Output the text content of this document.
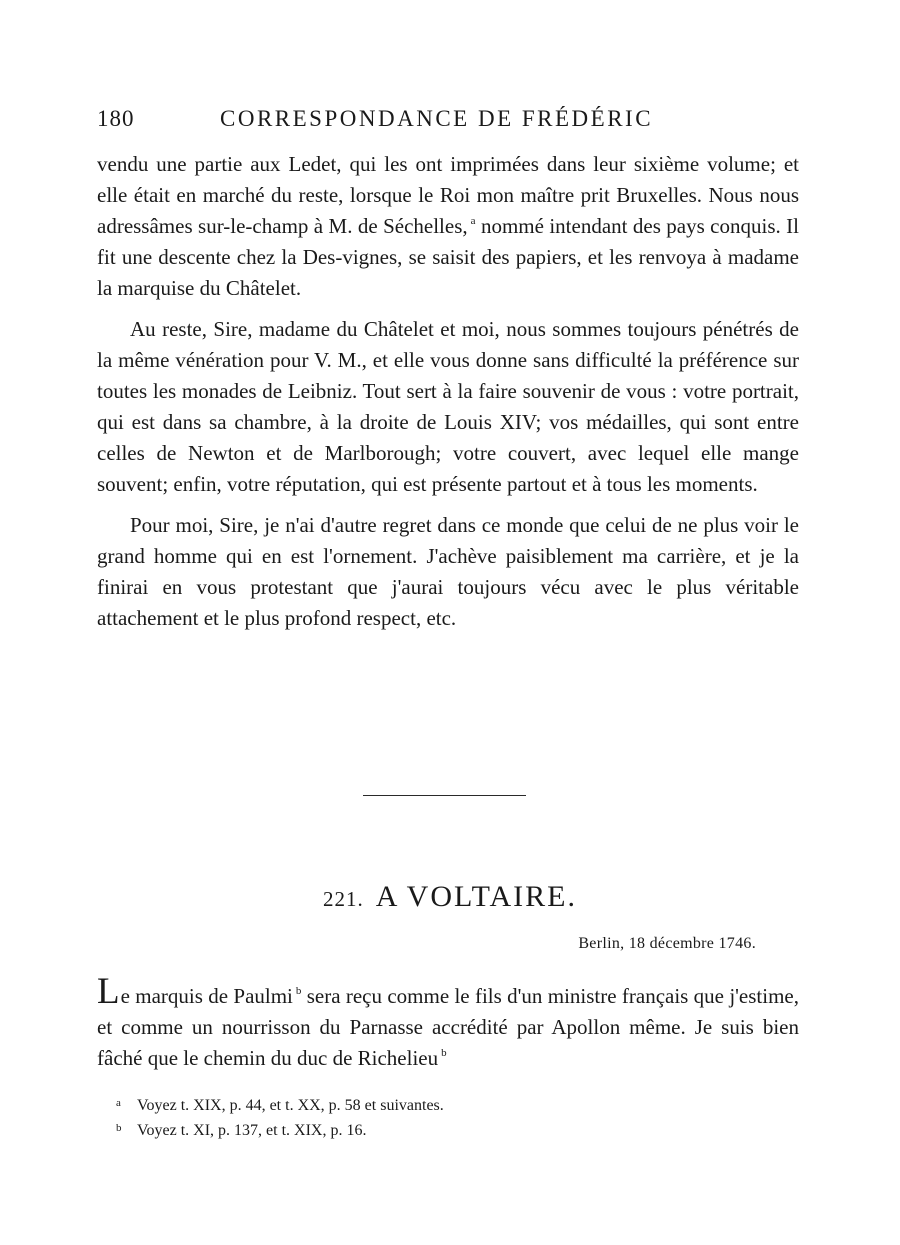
180	CORRESPONDANCE DE FRÉDÉRIC

vendu une partie aux Ledet, qui les ont imprimées dans leur sixième volume; et elle était en marché du reste, lorsque le Roi mon maître prit Bruxelles. Nous nous adressâmes sur-le-champ à M. de Séchelles, $^a$ nommé intendant des pays conquis. Il fit une descente chez la Des-vignes, se saisit des papiers, et les renvoya à madame la marquise du Châtelet.

Au reste, Sire, madame du Châtelet et moi, nous sommes toujours pénétrés de la même vénération pour V. M., et elle vous donne sans difficulté la préférence sur toutes les monades de Leibniz. Tout sert à la faire souvenir de vous : votre portrait, qui est dans sa chambre, à la droite de Louis XIV; vos médailles, qui sont entre celles de Newton et de Marlborough; votre couvert, avec lequel elle mange souvent; enfin, votre réputation, qui est présente partout et à tous les moments.

Pour moi, Sire, je n'ai d'autre regret dans ce monde que celui de ne plus voir le grand homme qui en est l'ornement. J'achève paisiblement ma carrière, et je la finirai en vous protestant que j'aurai toujours vécu avec le plus véritable attachement et le plus profond respect, etc.

221. A VOLTAIRE.
Berlin, 18 décembre 1746.

Le marquis de Paulmi $^b$ sera reçu comme le fils d'un ministre français que j'estime, et comme un nourrisson du Parnasse accrédité par Apollon même. Je suis bien fâché que le chemin du duc de Richelieu $^b$

a Voyez t. XIX, p. 44, et t. XX, p. 58 et suivantes.

b Voyez t. XI, p. 137, et t. XIX, p. 16.
